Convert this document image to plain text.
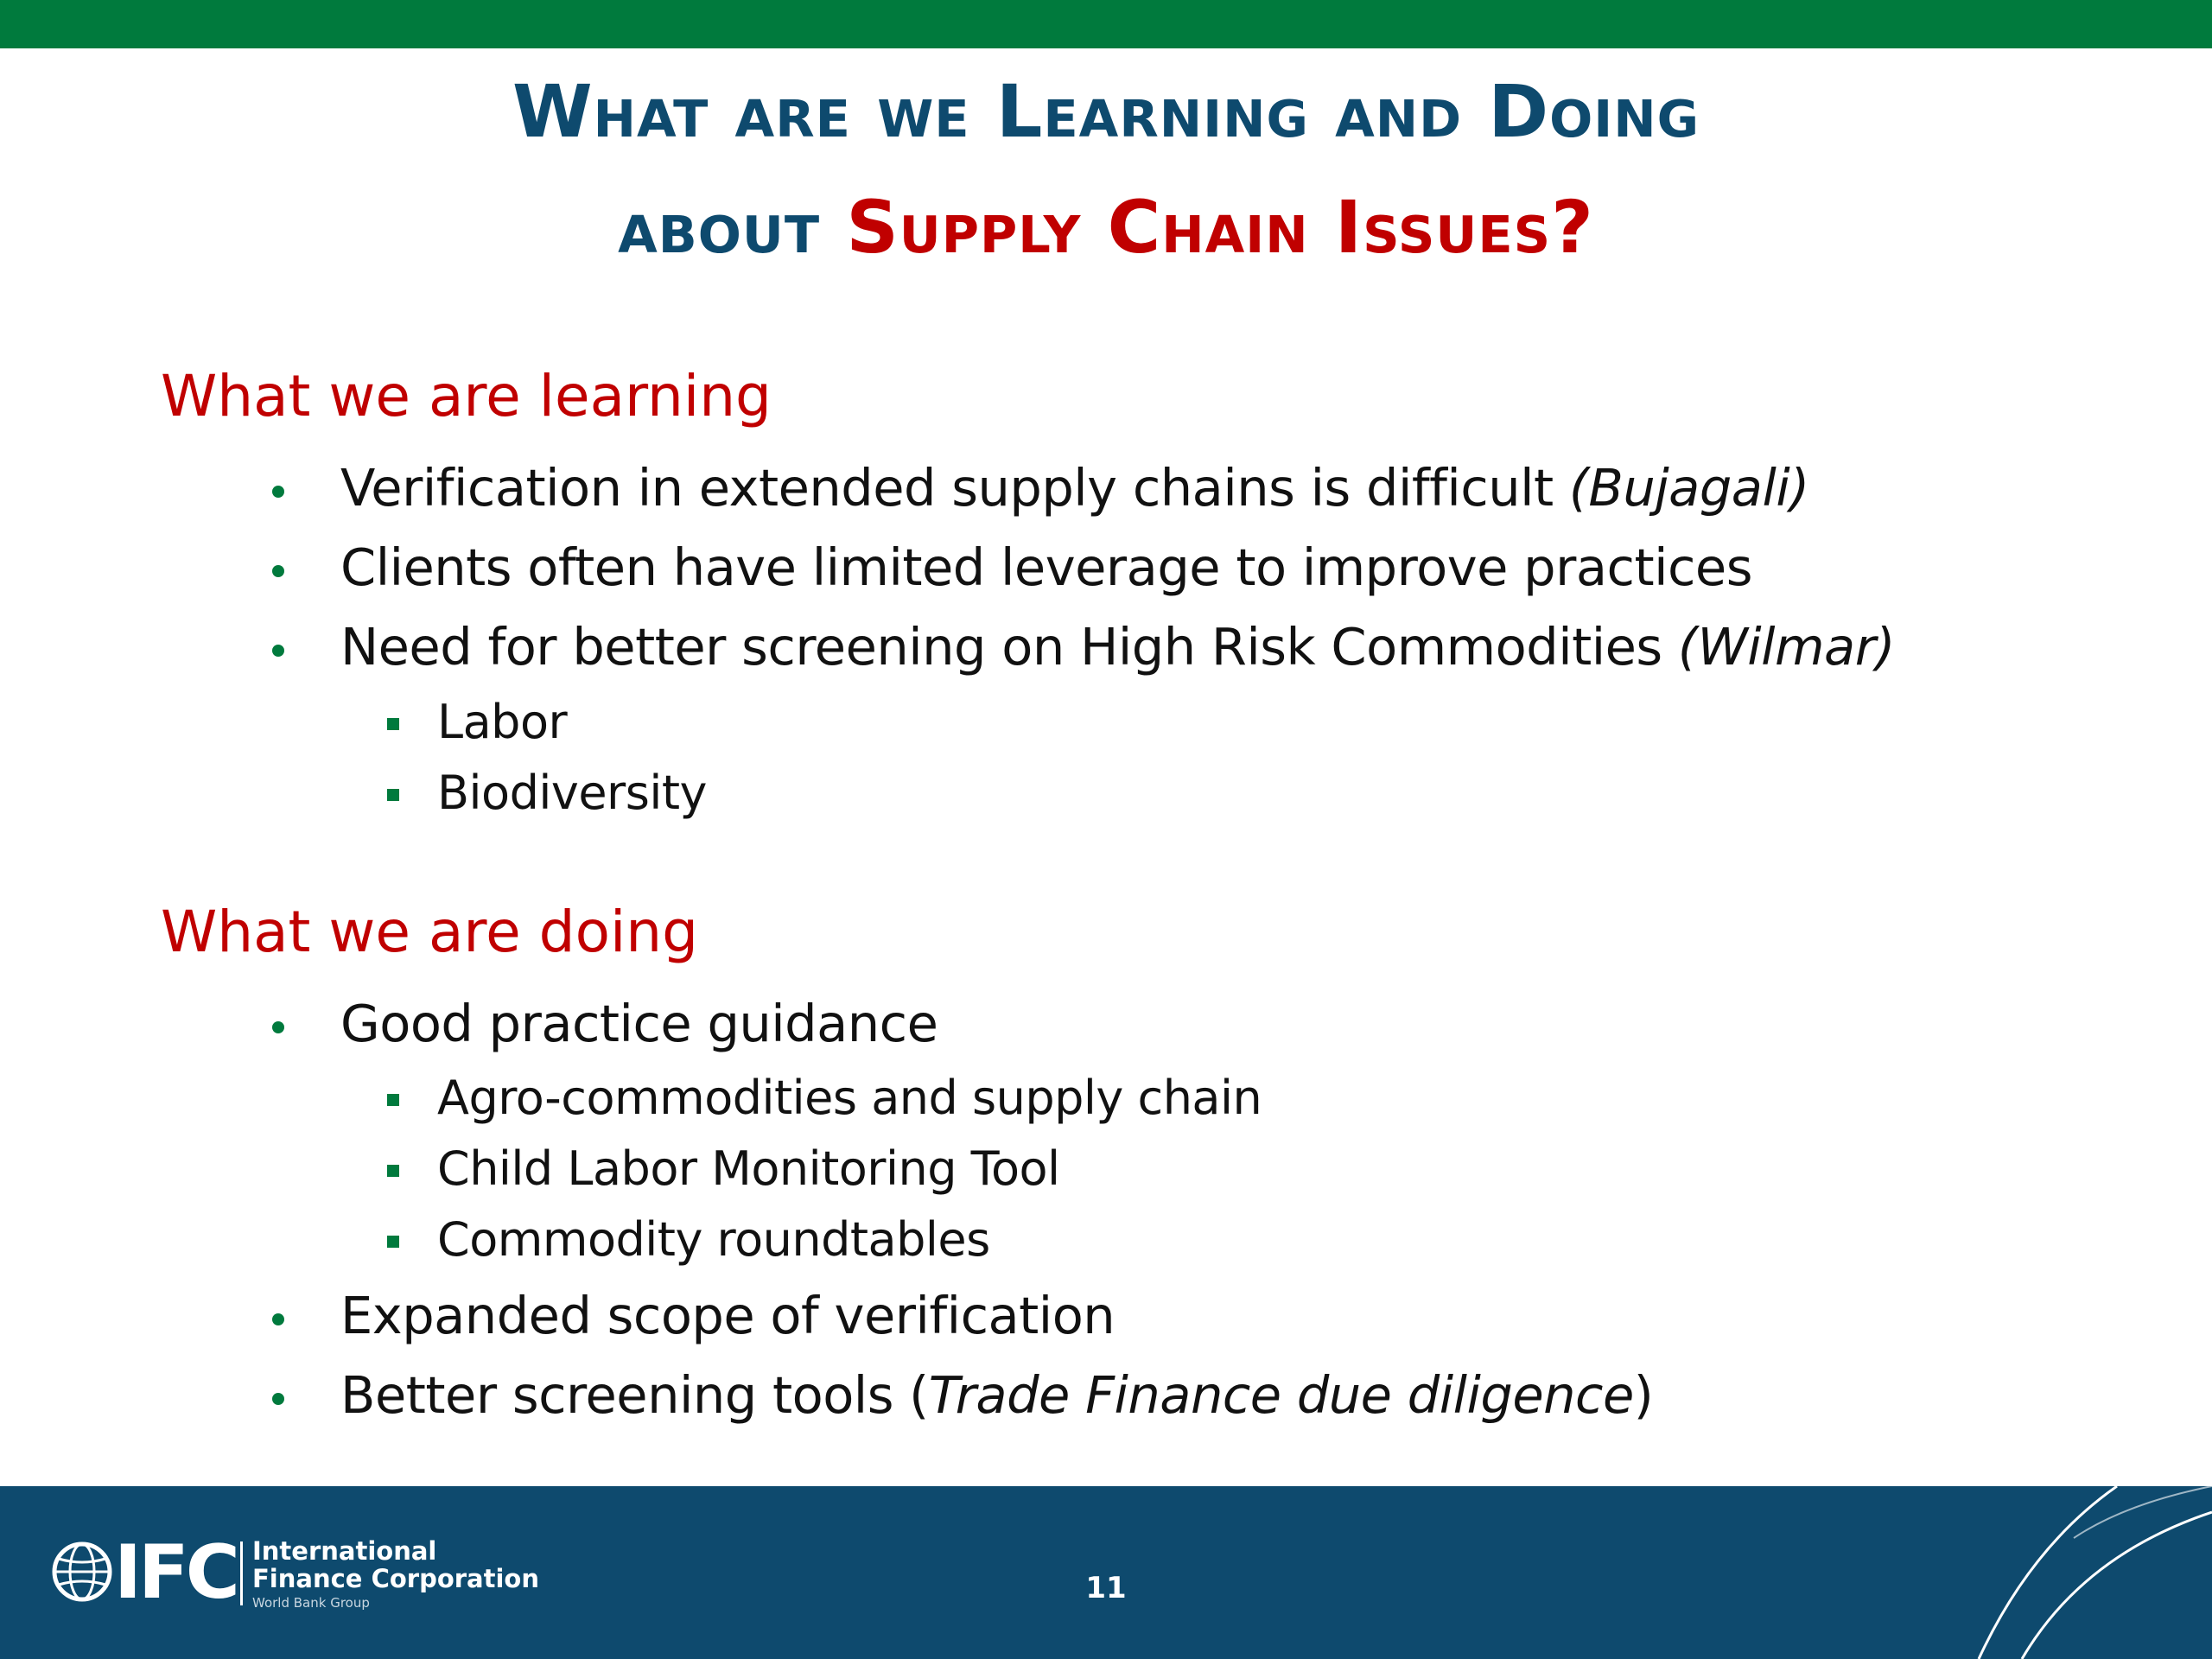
What are we Learning and Doing
about Supply Chain Issues?
What we are learning
Verification in extended supply chains is difficult (Bujagali)
Clients often have limited leverage to improve practices
Need for better screening on High Risk Commodities (Wilmar)
Labor
Biodiversity
What we are doing
Good practice guidance
Agro-commodities and supply chain
Child Labor Monitoring Tool
Commodity roundtables
Expanded scope of verification
Better screening tools (Trade Finance due diligence)
IFC International
Finance Corporation
World Bank Group	11
